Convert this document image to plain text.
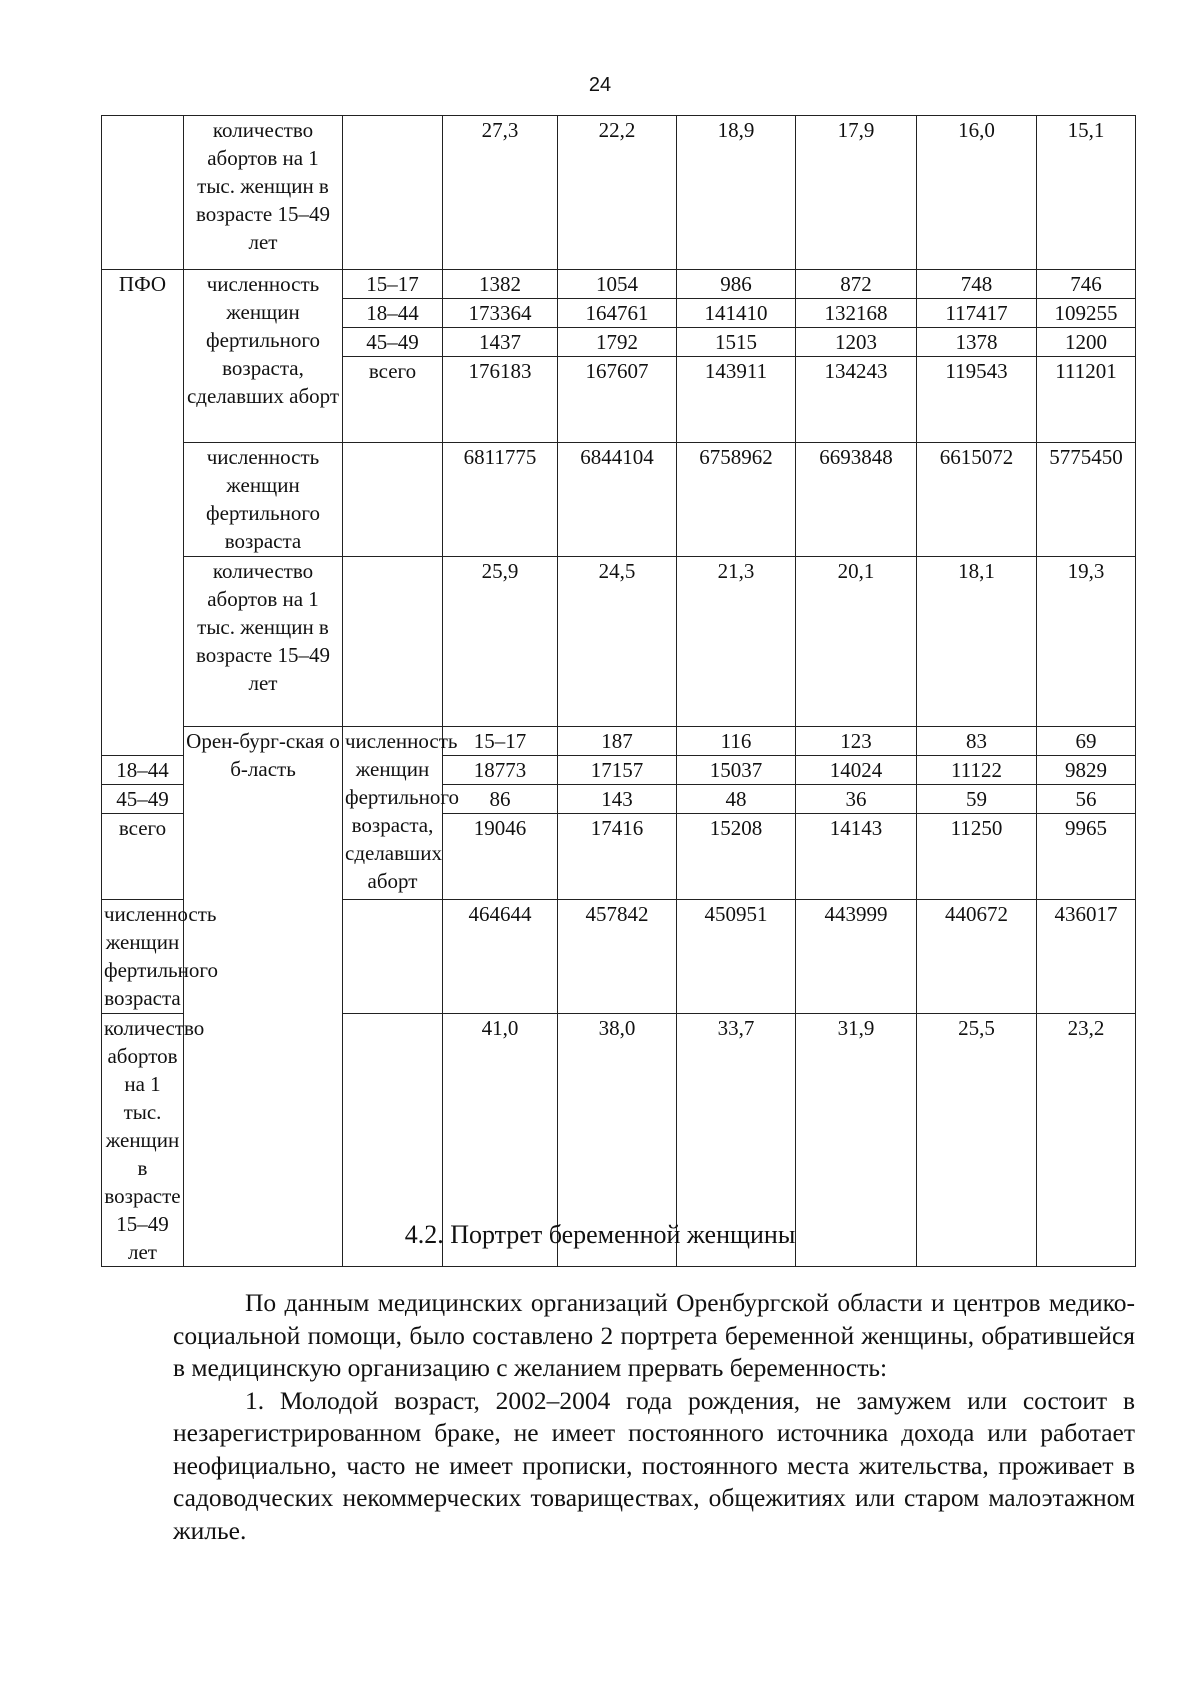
24
	количество абортов на 1 тыс. женщин в возрасте 15–49 лет		27,3	22,2	18,9	17,9	16,0	15,1	
ПФО	численность женщин фертильного возраста, сделавших аборт	15–17	1382	1054	986	872	748	746	
		18–44	173364	164761	141410	132168	117417	109255	
		45–49	1437	1792	1515	1203	1378	1200	
		всего	176183	167607	143911	134243	119543	111201	
	численность женщин фертильного возраста		6811775	6844104	6758962	6693848	6615072	5775450	
	количество абортов на 1 тыс. женщин в возрасте 15–49 лет		25,9	24,5	21,3	20,1	18,1	19,3	
	Орен-бург-ская об-ласть	численность женщин фертильного возраста, сделавших аборт	15–17	187	116	123	83	69	
18–44			18773	17157	15037	14024	11122	9829	
45–49			86	143	48	36	59	56	
всего			19046	17416	15208	14143	11250	9965	
численность женщин фертильного возраста			464644	457842	450951	443999	440672	436017	
количество абортов на 1 тыс. женщин в возрасте 15–49 лет			41,0	38,0	33,7	31,9	25,5	23,2	
4.2. Портрет беременной женщины

По данным медицинских организаций Оренбургской области и центров медико-социальной помощи, было составлено 2 портрета беременной женщины, обратившейся в медицинскую организацию с желанием прервать беременность:

1. Молодой возраст, 2002–2004 года рождения, не замужем или состоит в незарегистрированном браке, не имеет постоянного источника дохода или работает неофициально, часто не имеет прописки, постоянного места жительства, проживает в садоводческих некоммерческих товариществах, общежитиях или старом малоэтажном жилье.
